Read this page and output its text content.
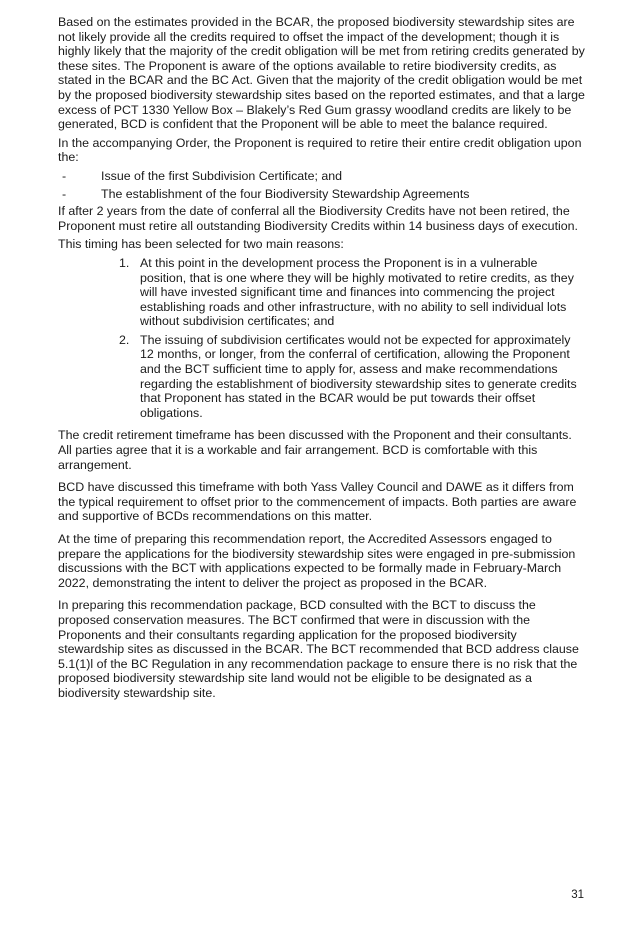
Based on the estimates provided in the BCAR, the proposed biodiversity stewardship sites are not likely provide all the credits required to offset the impact of the development; though it is highly likely that the majority of the credit obligation will be met from retiring credits generated by these sites. The Proponent is aware of the options available to retire biodiversity credits, as stated in the BCAR and the BC Act. Given that the majority of the credit obligation would be met by the proposed biodiversity stewardship sites based on the reported estimates, and that a large excess of PCT 1330 Yellow Box – Blakely’s Red Gum grassy woodland credits are likely to be generated, BCD is confident that the Proponent will be able to meet the balance required.

In the accompanying Order, the Proponent is required to retire their entire credit obligation upon the:

-	Issue of the first Subdivision Certificate; and
-	The establishment of the four Biodiversity Stewardship Agreements

If after 2 years from the date of conferral all the Biodiversity Credits have not been retired, the Proponent must retire all outstanding Biodiversity Credits within 14 business days of execution.

This timing has been selected for two main reasons:

1. At this point in the development process the Proponent is in a vulnerable position, that is one where they will be highly motivated to retire credits, as they will have invested significant time and finances into commencing the project establishing roads and other infrastructure, with no ability to sell individual lots without subdivision certificates; and
2. The issuing of subdivision certificates would not be expected for approximately 12 months, or longer, from the conferral of certification, allowing the Proponent and the BCT sufficient time to apply for, assess and make recommendations regarding the establishment of biodiversity stewardship sites to generate credits that Proponent has stated in the BCAR would be put towards their offset obligations.

The credit retirement timeframe has been discussed with the Proponent and their consultants. All parties agree that it is a workable and fair arrangement. BCD is comfortable with this arrangement.

BCD have discussed this timeframe with both Yass Valley Council and DAWE as it differs from the typical requirement to offset prior to the commencement of impacts. Both parties are aware and supportive of BCDs recommendations on this matter.

At the time of preparing this recommendation report, the Accredited Assessors engaged to prepare the applications for the biodiversity stewardship sites were engaged in pre-submission discussions with the BCT with applications expected to be formally made in February-March 2022, demonstrating the intent to deliver the project as proposed in the BCAR.

In preparing this recommendation package, BCD consulted with the BCT to discuss the proposed conservation measures. The BCT confirmed that were in discussion with the Proponents and their consultants regarding application for the proposed biodiversity stewardship sites as discussed in the BCAR. The BCT recommended that BCD address clause 5.1(1)l of the BC Regulation in any recommendation package to ensure there is no risk that the proposed biodiversity stewardship site land would not be eligible to be designated as a biodiversity stewardship site.

31
